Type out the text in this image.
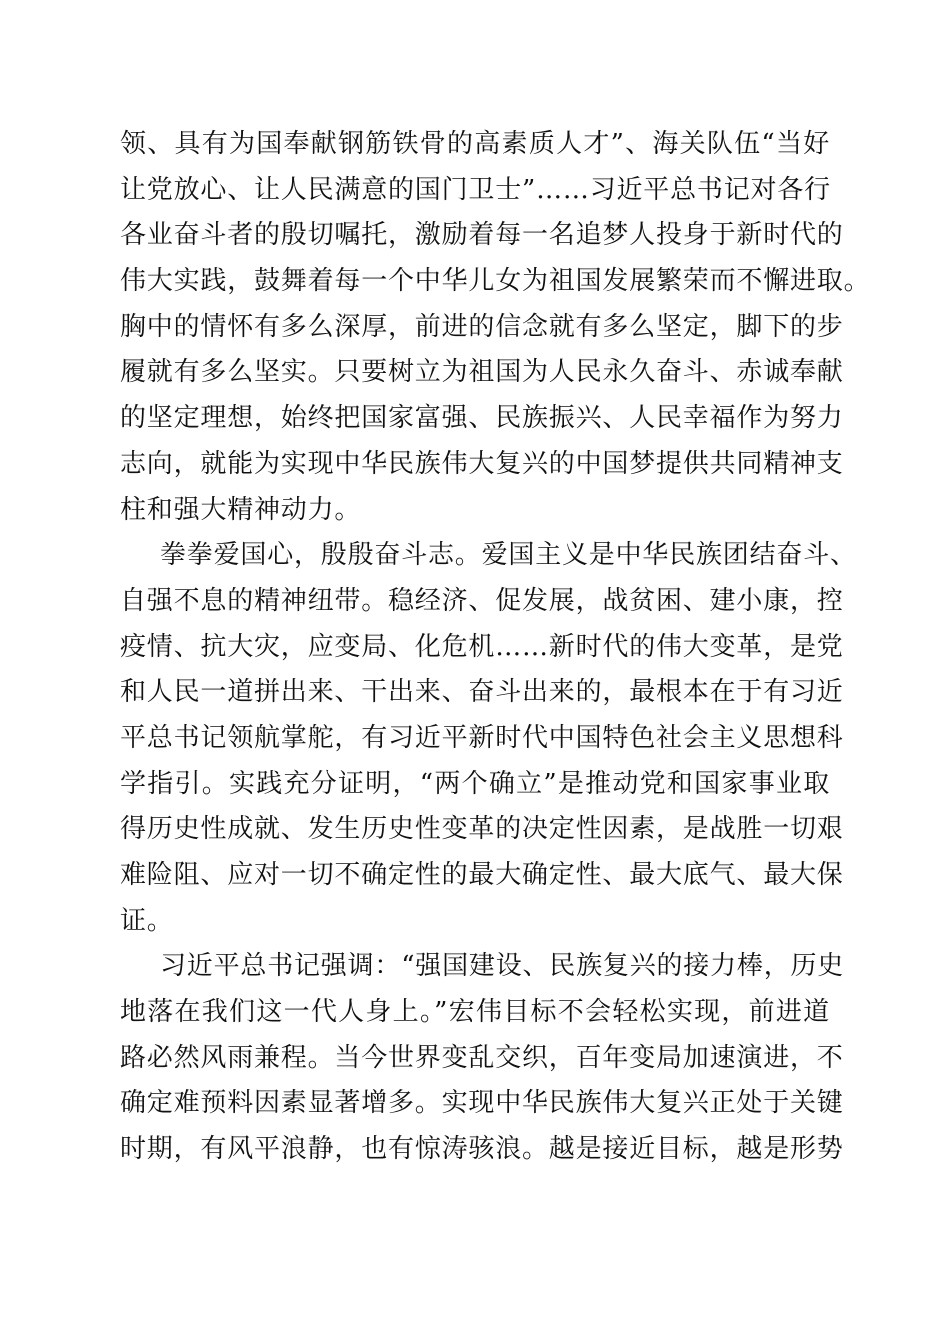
领、具有为国奉献钢筋铁骨的高素质人才”、海关队伍“当好
让党放心、让人民满意的国门卫士”……习近平总书记对各行
各业奋斗者的殷切嘱托，激励着每一名追梦人投身于新时代的
伟大实践，鼓舞着每一个中华儿女为祖国发展繁荣而不懈进取。
胸中的情怀有多么深厚，前进的信念就有多么坚定，脚下的步
履就有多么坚实。只要树立为祖国为人民永久奋斗、赤诚奉献
的坚定理想，始终把国家富强、民族振兴、人民幸福作为努力
志向，就能为实现中华民族伟大复兴的中国梦提供共同精神支
柱和强大精神动力。
拳拳爱国心，殷殷奋斗志。爱国主义是中华民族团结奋斗、
自强不息的精神纽带。稳经济、促发展，战贫困、建小康，控
疫情、抗大灾，应变局、化危机……新时代的伟大变革，是党
和人民一道拼出来、干出来、奋斗出来的，最根本在于有习近
平总书记领航掌舵，有习近平新时代中国特色社会主义思想科
学指引。实践充分证明，“两个确立”是推动党和国家事业取
得历史性成就、发生历史性变革的决定性因素，是战胜一切艰
难险阻、应对一切不确定性的最大确定性、最大底气、最大保
证。
习近平总书记强调：“强国建设、民族复兴的接力棒，历史
地落在我们这一代人身上。”宏伟目标不会轻松实现，前进道
路必然风雨兼程。当今世界变乱交织，百年变局加速演进，不
确定难预料因素显著增多。实现中华民族伟大复兴正处于关键
时期，有风平浪静，也有惊涛骇浪。越是接近目标，越是形势
